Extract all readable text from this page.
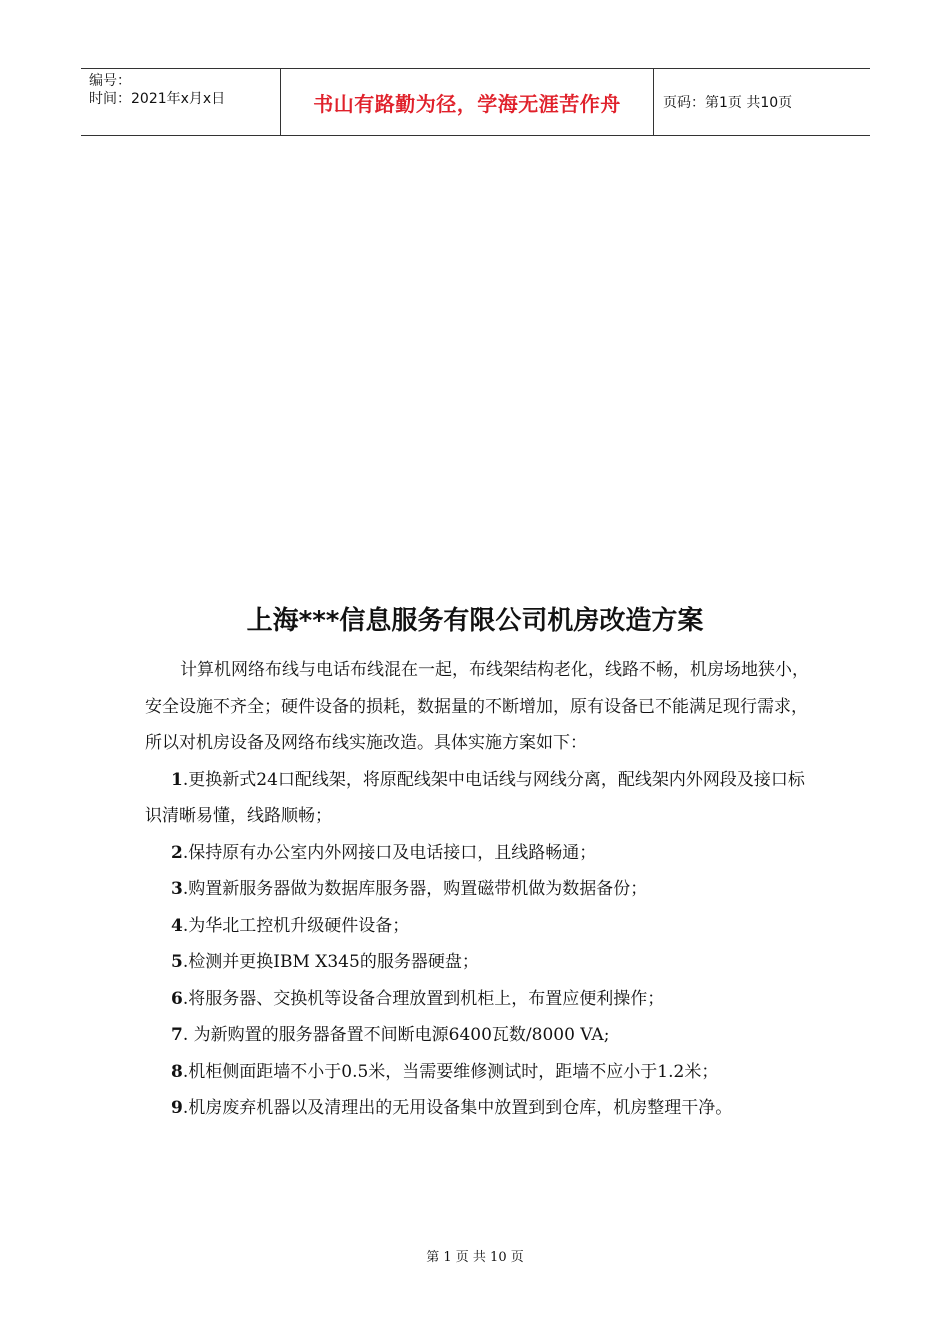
编号：
时间：2021年x月x日	书山有路勤为径，学海无涯苦作舟	页码：第1页 共10页
上海***信息服务有限公司机房改造方案

计算机网络布线与电话布线混在一起，布线架结构老化，线路不畅，机房场地狭小，安全设施不齐全；硬件设备的损耗，数据量的不断增加，原有设备已不能满足现行需求，所以对机房设备及网络布线实施改造。具体实施方案如下：

1.更换新式24口配线架，将原配线架中电话线与网线分离，配线架内外网段及接口标识清晰易懂，线路顺畅；

2.保持原有办公室内外网接口及电话接口，且线路畅通；

3.购置新服务器做为数据库服务器，购置磁带机做为数据备份；

4.为华北工控机升级硬件设备；

5.检测并更换IBM X345的服务器硬盘；

6.将服务器、交换机等设备合理放置到机柜上，布置应便利操作；

7. 为新购置的服务器备置不间断电源6400瓦数/8000 VA;

8.机柜侧面距墙不小于0.5米，当需要维修测试时，距墙不应小于1.2米；

9.机房废弃机器以及清理出的无用设备集中放置到到仓库，机房整理干净。

第 1 页 共 10 页
